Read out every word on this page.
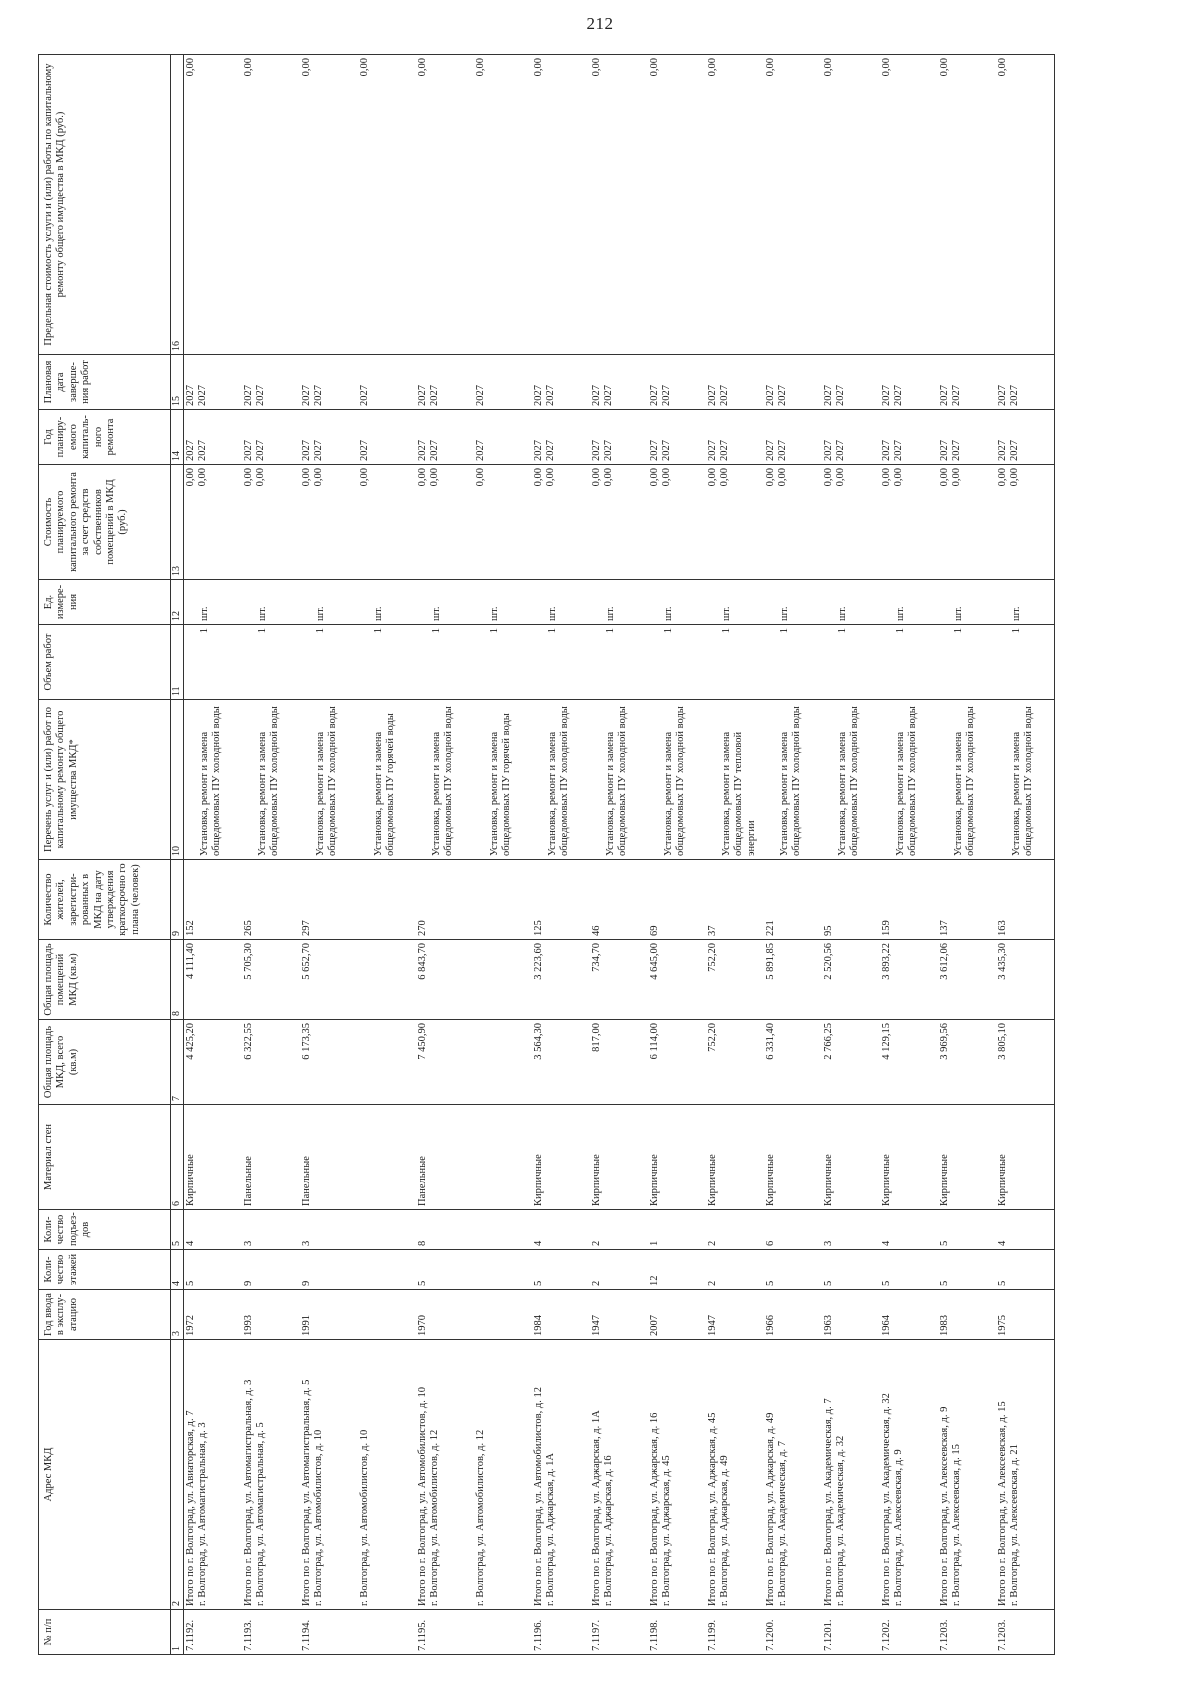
212
№ п/п	Адрес МКД	Год ввода в эксплу-атацию	Коли-чество этажей	Коли-чество подъез-дов	Материал стен	Общая площадь МКД, всего (кв.м)	Общая площадь помещений МКД (кв.м)	Количество жителей, зарегистри-рованных в МКД на дату утверждения краткосрочно го плана (человек)	Перечень услуг и (или) работ по капитальному ремонту общего имущества МКД*	Объем работ	Ед. измере-ния	Стоимость планируемого капитального ремонта за счет средств собственников помещений в МКД (руб.)	Год планиру-емого капиталь-ного ремонта	Плановая дата заверше-ния работ	Предельная стоимость услуги и (или) работы по капитальному ремонту общего имущества в МКД (руб.)
1	2	3	4	5	6	7	8	9	10	11	12	13	14	15	16

7.1192.	Итого по г. Волгоград, ул. Авиаторская, д. 7 г. Волгоград, ул. Автомагистральная, д. 3	1972	5	4	Кирпичные	4 425,20	4 111,40	152	Установка, ремонт и замена общедомовых ПУ холодной воды	1	шт.	0,00 0,00	2027 2027	2027 2027	0,00

7.1193.	Итого по г. Волгоград, ул. Автомагистральная, д. 3 г. Волгоград, ул. Автомагистральная, д. 5	1993	9	3	Панельные	6 322,55	5 705,30	265	Установка, ремонт и замена общедомовых ПУ холодной воды	1	шт.	0,00 0,00	2027 2027	2027 2027	0,00

7.1194.	Итого по г. Волгоград, ул. Автомагистральная, д. 5 г. Волгоград, ул. Автомобилистов, д. 10	1991	9	3	Панельные	6 173,35	5 652,70	297	Установка, ремонт и замена общедомовых ПУ холодной воды	1	шт.	0,00 0,00	2027 2027	2027 2027	0,00

	г. Волгоград, ул. Автомобилистов, д. 10								Установка, ремонт и замена общедомовых ПУ горячей воды	1	шт.	0,00	2027	2027	0,00

7.1195.	Итого по г. Волгоград, ул. Автомобилистов, д. 10 г. Волгоград, ул. Автомобилистов, д. 12	1970	5	8	Панельные	7 450,90	6 843,70	270	Установка, ремонт и замена общедомовых ПУ холодной воды	1	шт.	0,00 0,00	2027 2027	2027 2027	0,00

	г. Волгоград, ул. Автомобилистов, д. 12								Установка, ремонт и замена общедомовых ПУ горячей воды	1	шт.	0,00	2027	2027	0,00

7.1196.	Итого по г. Волгоград, ул. Автомобилистов, д. 12 г. Волгоград, ул. Аджарская, д. 1А	1984	5	4	Кирпичные	3 564,30	3 223,60	125	Установка, ремонт и замена общедомовых ПУ холодной воды	1	шт.	0,00 0,00	2027 2027	2027 2027	0,00

7.1197.	Итого по г. Волгоград, ул. Аджарская, д. 1А г. Волгоград, ул. Аджарская, д. 16	1947	2	2	Кирпичные	817,00	734,70	46	Установка, ремонт и замена общедомовых ПУ холодной воды	1	шт.	0,00 0,00	2027 2027	2027 2027	0,00

7.1198.	Итого по г. Волгоград, ул. Аджарская, д. 16 г. Волгоград, ул. Аджарская, д. 45	2007	12	1	Кирпичные	6 114,00	4 645,00	69	Установка, ремонт и замена общедомовых ПУ холодной воды	1	шт.	0,00 0,00	2027 2027	2027 2027	0,00

7.1199.	Итого по г. Волгоград, ул. Аджарская, д. 45 г. Волгоград, ул. Аджарская, д. 49	1947	2	2	Кирпичные	752,20	752,20	37	Установка, ремонт и замена общедомовых ПУ тепловой энергии	1	шт.	0,00 0,00	2027 2027	2027 2027	0,00

7.1200.	Итого по г. Волгоград, ул. Аджарская, д. 49 г. Волгоград, ул. Академическая, д. 7	1966	5	6	Кирпичные	6 331,40	5 891,85	221	Установка, ремонт и замена общедомовых ПУ холодной воды	1	шт.	0,00 0,00	2027 2027	2027 2027	0,00

7.1201.	Итого по г. Волгоград, ул. Академическая, д. 7 г. Волгоград, ул. Академическая, д. 32	1963	5	3	Кирпичные	2 766,25	2 520,56	95	Установка, ремонт и замена общедомовых ПУ холодной воды	1	шт.	0,00 0,00	2027 2027	2027 2027	0,00

7.1202.	Итого по г. Волгоград, ул. Академическая, д. 32 г. Волгоград, ул. Алексеевская, д. 9	1964	5	4	Кирпичные	4 129,15	3 893,22	159	Установка, ремонт и замена общедомовых ПУ холодной воды	1	шт.	0,00 0,00	2027 2027	2027 2027	0,00

7.1203.	Итого по г. Волгоград, ул. Алексеевская, д. 9 г. Волгоград, ул. Алексеевская, д. 15	1983	5	5	Кирпичные	3 969,56	3 612,06	137	Установка, ремонт и замена общедомовых ПУ холодной воды	1	шт.	0,00 0,00	2027 2027	2027 2027	0,00

7.1203.	Итого по г. Волгоград, ул. Алексеевская, д. 15 г. Волгоград, ул. Алексеевская, д. 21	1975	5	4	Кирпичные	3 805,10	3 435,30	163	Установка, ремонт и замена общедомовых ПУ холодной воды	1	шт.	0,00 0,00	2027 2027	2027 2027	0,00
